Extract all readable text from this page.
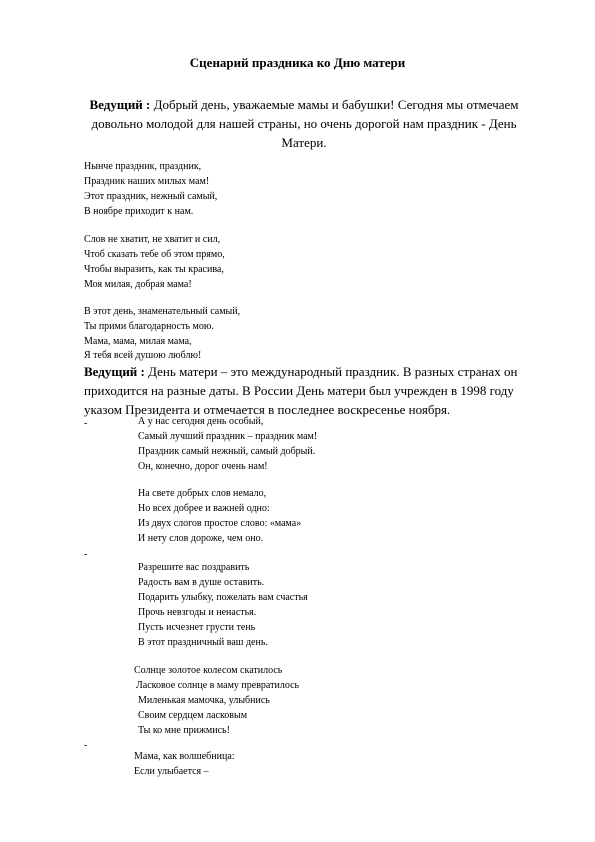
Сценарий праздника ко Дню матери
Ведущий : Добрый день, уважаемые мамы и бабушки! Сегодня мы отмечаем довольно молодой для нашей страны, но очень дорогой нам праздник - День Матери.
Нынче праздник, праздник,
Праздник наших милых мам!
Этот праздник, нежный самый,
В ноябре приходит к нам.
Слов не хватит, не хватит и сил,
Чтоб сказать тебе об этом прямо,
Чтобы выразить, как ты красива,
Моя милая, добрая мама!
В этот день, знаменательный самый,
Ты прими благодарность мою.
Мама, мама, милая мама,
Я тебя всей душою люблю!
Ведущий : День матери – это международный праздник. В разных странах он приходится на разные даты. В России День матери был учрежден в 1998 году указом Президента и отмечается в последнее воскресенье ноября.
-	А у нас сегодня день особый,
Самый лучший праздник – праздник мам!
Праздник самый нежный, самый добрый.
Он, конечно, дорог очень нам!
На свете добрых слов немало,
Но всех добрее и важней одно:
Из двух слогов простое слово: «мама»
И нету слов дороже, чем оно.
-
Разрешите вас поздравить
Радость вам в душе оставить.
Подарить улыбку, пожелать вам счастья
Прочь невзгоды и ненастья.
Пусть исчезнет грусти тень
В этот праздничный ваш день.
Солнце золотое колесом скатилось
Ласковое солнце в маму превратилось
Миленькая мамочка, улыбнись
Своим сердцем ласковым
Ты ко мне прижмись!
-
Мама, как волшебница:
Если улыбается –
